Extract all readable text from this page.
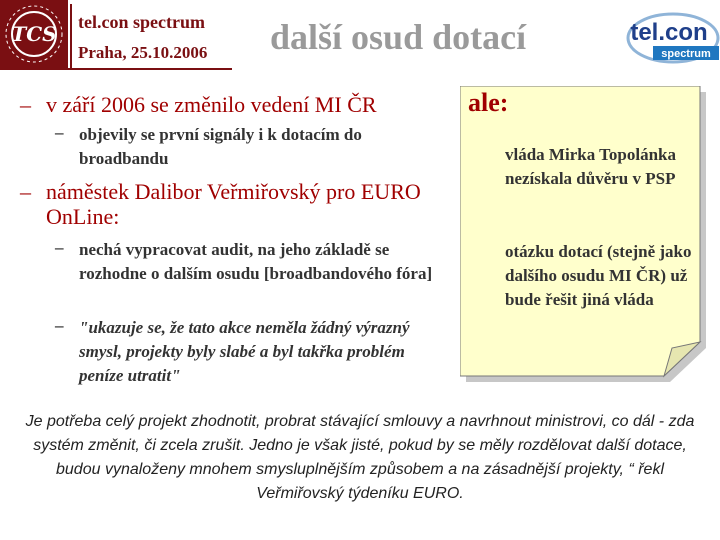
TCS tel.con spectrum
Praha, 25.10.2006 další osud dotací	tel.con
spectrum
– v září 2006 se změnilo vedení MI ČR
– objevily se první signály i k dotacím do broadbandu
– náměstek Dalibor Veřmiřovský pro EURO OnLine:
– nechá vypracovat audit, na jeho základě se rozhodne o dalším osudu [broadbandového fóra]
– "ukazuje se, že tato akce neměla žádný výrazný smysl, projekty byly slabé a byl takřka problém peníze utratit"
ale:
vláda Mirka Topolánka nezískala důvěru v PSP
otázku dotací (stejně jako dalšího osudu MI ČR) už bude řešit jiná vláda
Je potřeba celý projekt zhodnotit, probrat stávající smlouvy a navrhnout ministrovi, co dál - zda systém změnit, či zcela zrušit. Jedno je však jisté, pokud by se měly rozdělovat další dotace, budou vynaloženy mnohem smysluplnějším způsobem a na zásadnější projekty, “ řekl Veřmiřovský týdeníku EURO.
